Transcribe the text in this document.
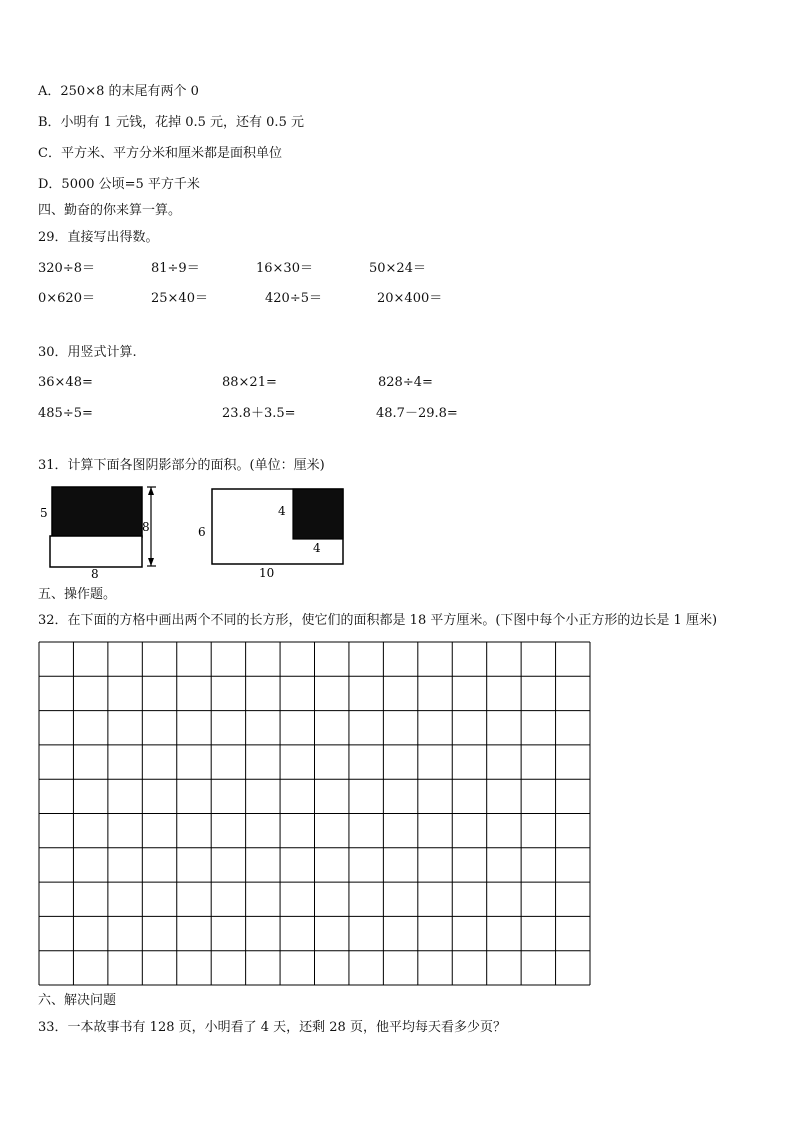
A．250×8 的末尾有两个 0
B．小明有 1 元钱，花掉 0.5 元，还有 0.5 元
C．平方米、平方分米和厘米都是面积单位
D．5000 公顷=5 平方千米
四、勤奋的你来算一算。
29．直接写出得数。
320÷8＝	81÷9＝	16×30＝	50×24＝
0×620＝	25×40＝	420÷5＝	20×400＝
30．用竖式计算.
36×48=	88×21=	828÷4=
485÷5=	23.8＋3.5=	48.7－29.8=
31．计算下面各图阴影部分的面积。(单位：厘米)
5
8
8
6
4
4
10
五、操作题。
32．在下面的方格中画出两个不同的长方形，使它们的面积都是 18 平方厘米。(下图中每个小正方形的边长是 1 厘米)
六、解决问题
33．一本故事书有 128 页，小明看了 4 天，还剩 28 页，他平均每天看多少页？
